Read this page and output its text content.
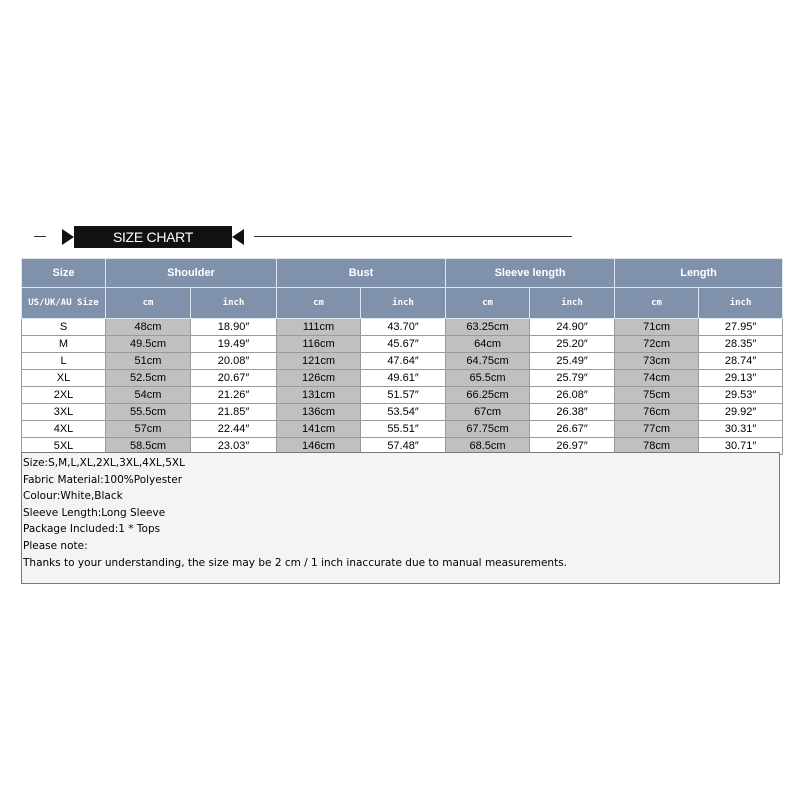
SIZE CHART
Size	Shoulder		Bust		Sleeve length		Length	
US/UK/AU Size	cm	inch	cm	inch	cm	inch	cm	inch
S	48cm	18.90″	111cm	43.70″	63.25cm	24.90″	71cm	27.95″
M	49.5cm	19.49″	116cm	45.67″	64cm	25.20″	72cm	28.35″
L	51cm	20.08″	121cm	47.64″	64.75cm	25.49″	73cm	28.74″
XL	52.5cm	20.67″	126cm	49.61″	65.5cm	25.79″	74cm	29.13″
2XL	54cm	21.26″	131cm	51.57″	66.25cm	26.08″	75cm	29.53″
3XL	55.5cm	21.85″	136cm	53.54″	67cm	26.38″	76cm	29.92″
4XL	57cm	22.44″	141cm	55.51″	67.75cm	26.67″	77cm	30.31″
5XL	58.5cm	23.03″	146cm	57.48″	68.5cm	26.97″	78cm	30.71″
Size:S,M,L,XL,2XL,3XL,4XL,5XL
Fabric Material:100%Polyester
Colour:White,Black
Sleeve Length:Long Sleeve
Package Included:1 * Tops
Please note:
Thanks to your understanding, the size may be 2 cm / 1 inch inaccurate due to manual measurements.
